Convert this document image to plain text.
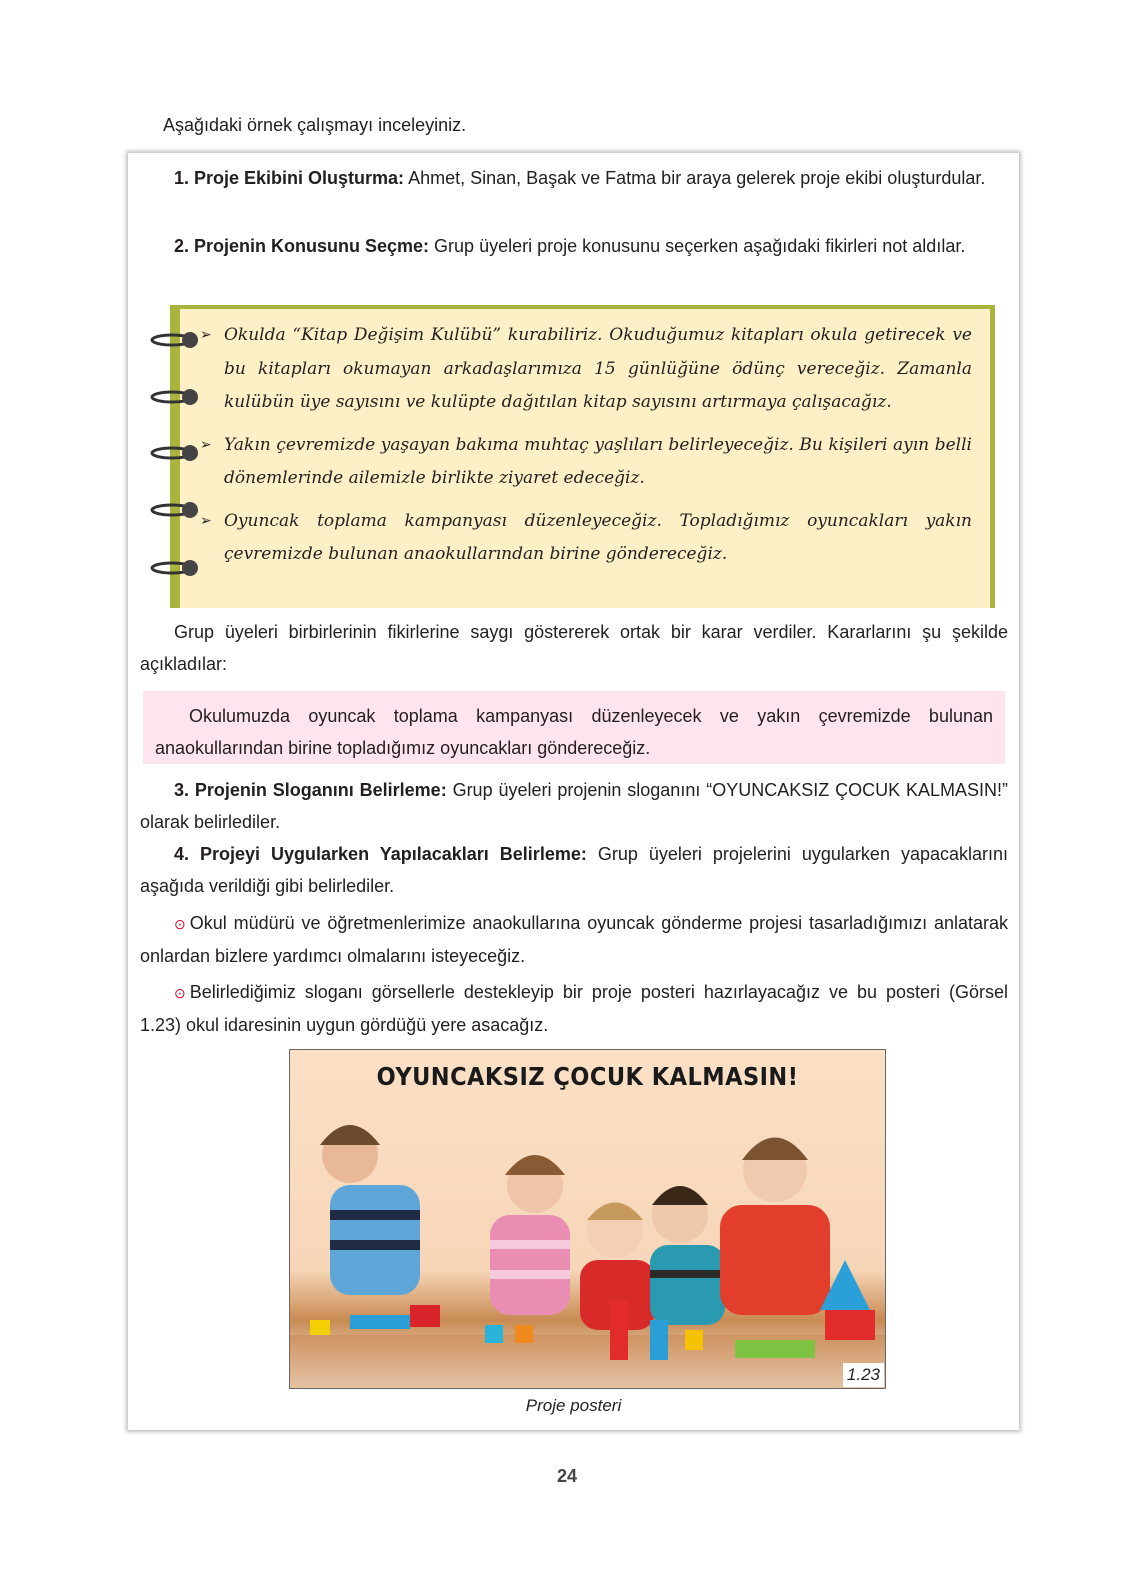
Aşağıdaki örnek çalışmayı inceleyiniz.

1. Proje Ekibini Oluşturma: Ahmet, Sinan, Başak ve Fatma bir araya gelerek proje ekibi oluşturdular.

2. Projenin Konusunu Seçme: Grup üyeleri proje konusunu seçerken aşağıdaki fikirleri not aldılar.

➢ Okulda “Kitap Değişim Kulübü” kurabiliriz. Okuduğumuz kitapları okula getirecek ve bu kitapları okumayan arkadaşlarımıza 15 günlüğüne ödünç vereceğiz. Zamanla kulübün üye sayısını ve kulüpte dağıtılan kitap sayısını artırmaya çalışacağız.
➢ Yakın çevremizde yaşayan bakıma muhtaç yaşlıları belirleyeceğiz. Bu kişileri ayın belli dönemlerinde ailemizle birlikte ziyaret edeceğiz.
➢ Oyuncak toplama kampanyası düzenleyeceğiz. Topladığımız oyuncakları yakın çevremizde bulunan anaokullarından birine göndereceğiz.

Grup üyeleri birbirlerinin fikirlerine saygı göstererek ortak bir karar verdiler. Kararlarını şu şekilde açıkladılar:

Okulumuzda oyuncak toplama kampanyası düzenleyecek ve yakın çevremizde bulunan anaokullarından birine topladığımız oyuncakları göndereceğiz.

3. Projenin Sloganını Belirleme: Grup üyeleri projenin sloganını “OYUNCAKSIZ ÇOCUK KALMASIN!” olarak belirlediler.

4. Projeyi Uygularken Yapılacakları Belirleme: Grup üyeleri projelerini uygularken yapacaklarını aşağıda verildiği gibi belirlediler.

⊙ Okul müdürü ve öğretmenlerimize anaokullarına oyuncak gönderme projesi tasarladığımızı anlatarak onlardan bizlere yardımcı olmalarını isteyeceğiz.

⊙ Belirlediğimiz sloganı görsellerle destekleyip bir proje posteri hazırlayacağız ve bu posteri (Görsel 1.23) okul idaresinin uygun gördüğü yere asacağız.

OYUNCAKSIZ ÇOCUK KALMASIN!
1.23
Proje posteri
24
